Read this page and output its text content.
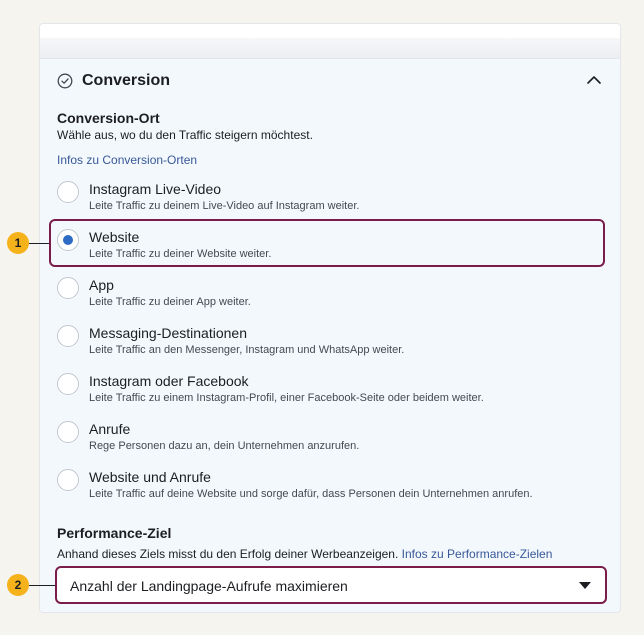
Conversion
Conversion-Ort
Wähle aus, wo du den Traffic steigern möchtest.
Infos zu Conversion-Orten
Instagram Live-Video
Leite Traffic zu deinem Live-Video auf Instagram weiter.
Website
Leite Traffic zu deiner Website weiter.
App
Leite Traffic zu deiner App weiter.
Messaging-Destinationen
Leite Traffic an den Messenger, Instagram und WhatsApp weiter.
Instagram oder Facebook
Leite Traffic zu einem Instagram-Profil, einer Facebook-Seite oder beidem weiter.
Anrufe
Rege Personen dazu an, dein Unternehmen anzurufen.
Website und Anrufe
Leite Traffic auf deine Website und sorge dafür, dass Personen dein Unternehmen anrufen.
Performance-Ziel
Anhand dieses Ziels misst du den Erfolg deiner Werbeanzeigen. Infos zu Performance-Zielen
Anzahl der Landingpage-Aufrufe maximieren
1
2
